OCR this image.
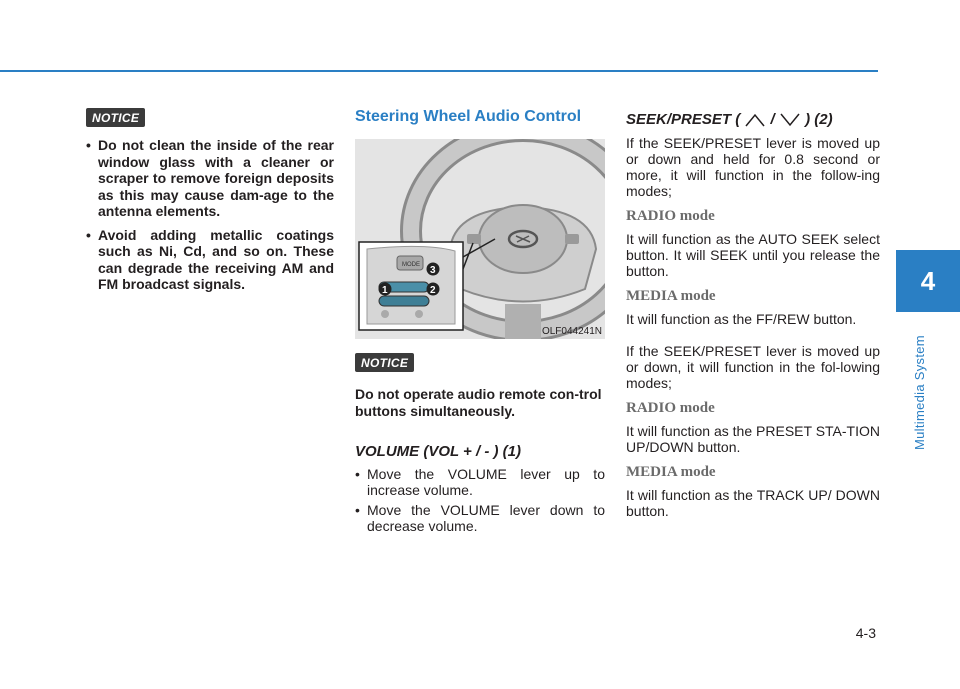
NOTICE
• Do not clean the inside of the rear window glass with a cleaner or scraper to remove foreign deposits as this may cause dam-age to the antenna elements.
• Avoid adding metallic coatings such as Ni, Cd, and so on. These can degrade the receiving AM and FM broadcast signals.
Steering Wheel Audio Control
MODE 3
1	2
OLF044241N
NOTICE

Do not operate audio remote con-trol buttons simultaneously.

VOLUME (VOL + / - ) (1)
• Move the VOLUME lever up to increase volume.
• Move the VOLUME lever down to decrease volume.
SEEK/PRESET ( / ) (2)

If the SEEK/PRESET lever is moved up or down and held for 0.8 second or more, it will function in the follow-ing modes;

RADIO mode

It will function as the AUTO SEEK select button. It will SEEK until you release the button.

MEDIA mode

It will function as the FF/REW button.

If the SEEK/PRESET lever is moved up or down, it will function in the fol-lowing modes;

RADIO mode

It will function as the PRESET STA-TION UP/DOWN button.

MEDIA mode

It will function as the TRACK UP/ DOWN button.

4
Multimedia System
4-3
